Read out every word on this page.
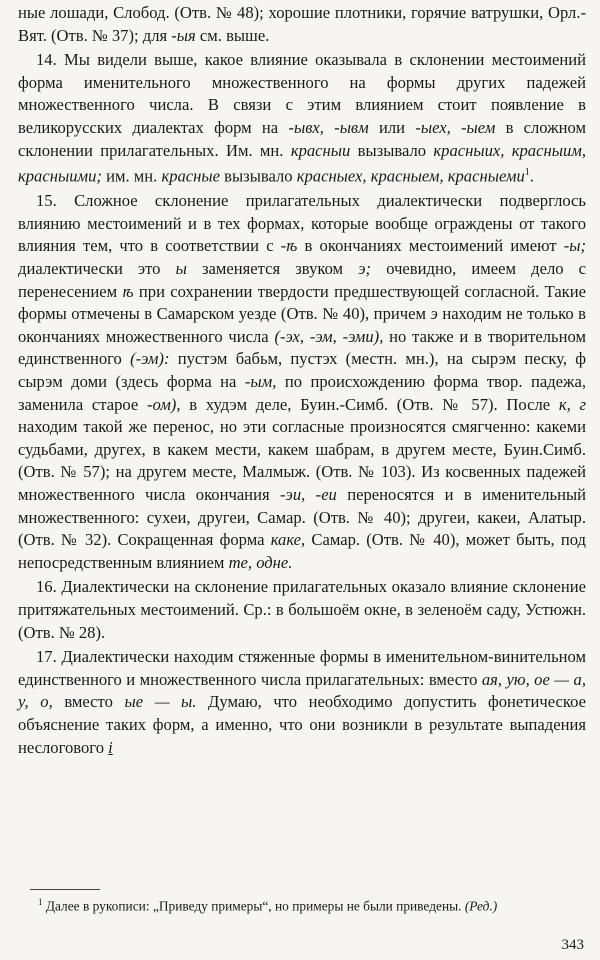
ные лошади, Слобод. (Отв. № 48); хорошие плотники, горячие ватрушки, Орл.-Вят. (Отв. № 37); для -ыя см. выше.

14. Мы видели выше, какое влияние оказывала в склонении местоимений форма именительного множественного на формы других падежей множественного числа. В связи с этим влиянием стоит появление в великорусских диалектах форм на -ывх, -ывм или -ыех, -ыем в сложном склонении прилагательных. Им. мн. красныи вызывало красныих, красныим, красныими; им. мн. красные вызывало красныех, красныем, красныеми$^1$.

15. Сложное склонение прилагательных диалектически подверглось влиянию местоимений и в тех формах, которые вообще ограждены от такого влияния тем, что в соответствии с -ѣ в окончаниях местоимений имеют -ы; диалектически это ы заменяется звуком э; очевидно, имеем дело с перенесением ѣ при сохранении твердости предшествующей согласной. Такие формы отмечены в Самарском уезде (Отв. № 40), причем э находим не только в окончаниях множественного числа (-эх, -эм, -эми), но также и в творительном единственного (-эм): пустэм бабьм, пустэх (местн. мн.), на сырэм песку, ф сырэм доми (здесь форма на -ым, по происхождению форма твор. падежа, заменила старое -ом), в худэм деле, Буин.-Симб. (Отв. № 57). После к, г находим такой же перенос, но эти согласные произносятся смягченно: какеми судьбами, другех, в какем мести, какем шабрам, в другем месте, Буин.Симб. (Отв. № 57); на другем месте, Малмыж. (Отв. № 103). Из косвенных падежей множественного числа окончания -эи, -еи переносятся и в именительный множественного: сухеи, другеи, Самар. (Отв. № 40); другеи, какеи, Алатыр. (Отв. № 32). Сокращенная форма каке, Самар. (Отв. № 40), может быть, под непосредственным влиянием те, одне.

16. Диалектически на склонение прилагательных оказало влияние склонение притяжательных местоимений. Ср.: в большоём окне, в зеленоём саду, Устюжн. (Отв. № 28).

17. Диалектически находим стяженные формы в именительном-винительном единственного и множественного числа прилагательных: вместо ая, ую, ое — а, у, о, вместо ые — ы. Думаю, что необходимо допустить фонетическое объяснение таких форм, а именно, что они возникли в результате выпадения неслогового i

$^1$ Далее в рукописи: „Приведу примеры“, но примеры не были приведены. (Ред.)
343
